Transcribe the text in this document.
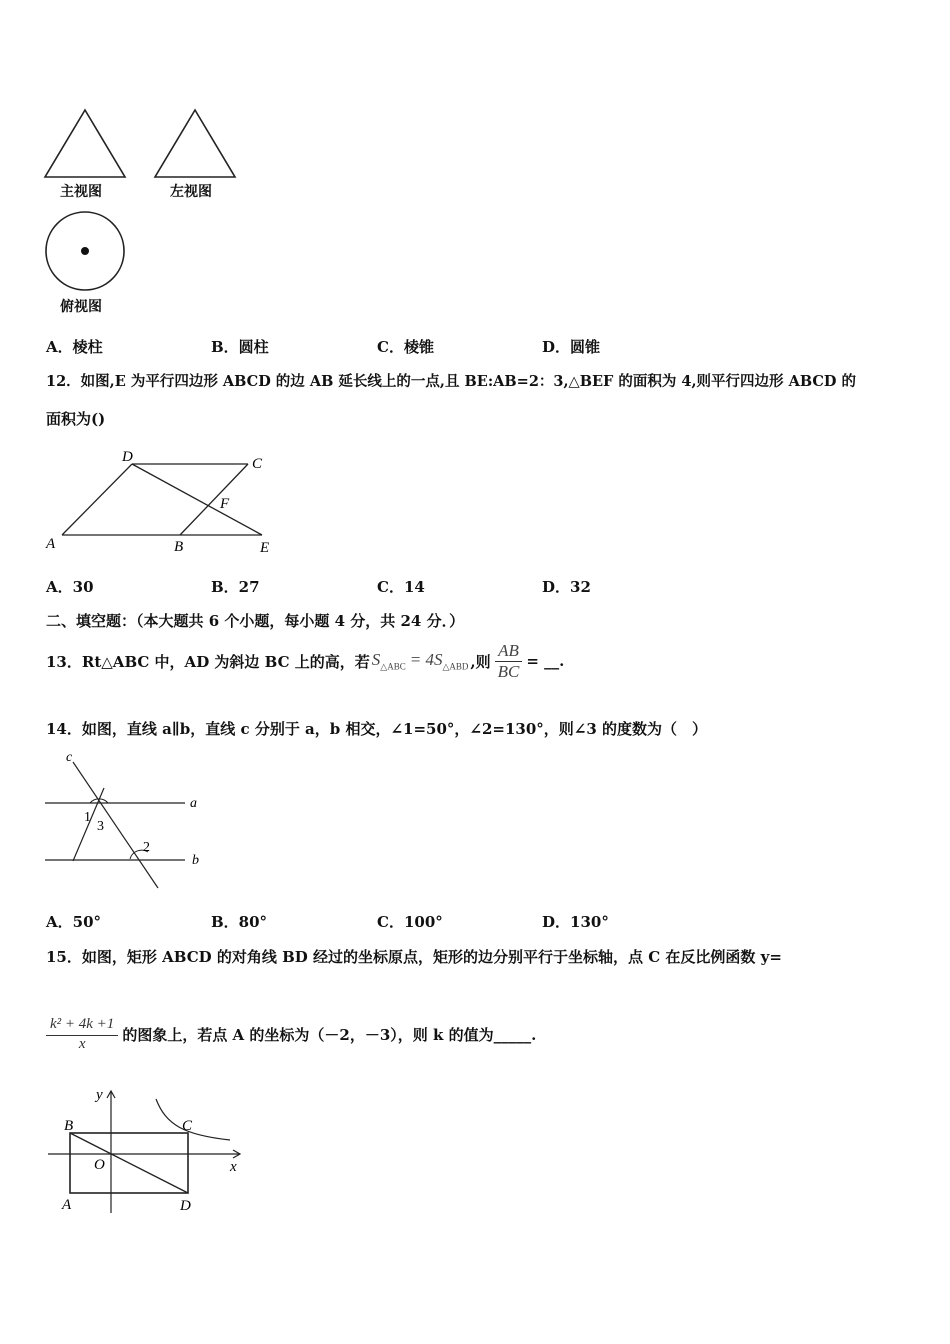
主视图	左视图
俯视图
A．棱柱	B．圆柱	C．棱锥	D．圆锥
12．如图,E 为平行四边形 ABCD 的边 AB 延长线上的一点,且 BE:AB=2：3,△BEF 的面积为 4,则平行四边形 ABCD 的
面积为()
A	B	E
D	C
F
A．30	B．27	C．14	D．32
二、填空题：（本大题共 6 个小题，每小题 4 分，共 24 分．）
13．Rt△ABC 中，AD 为斜边 BC 上的高，若 $S_{\triangle ABC} = 4S_{\triangle ABD}$ ,则 $\frac{AB}{BC}$ = __.
14．如图，直线 a∥b，直线 c 分别于 a，b 相交，∠1=50°，∠2=130°，则∠3 的度数为（　）
c
a
b
1
3
2
A．50°	B．80°	C．100°	D．130°
15．如图，矩形 ABCD 的对角线 BD 经过的坐标原点，矩形的边分别平行于坐标轴，点 C 在反比例函数 y=
$\frac{\text{k² + 4k +1}}{x}$ 的图象上，若点 A 的坐标为（－2，－3），则 k 的值为_____.
y
x
B	C
O
A	D
